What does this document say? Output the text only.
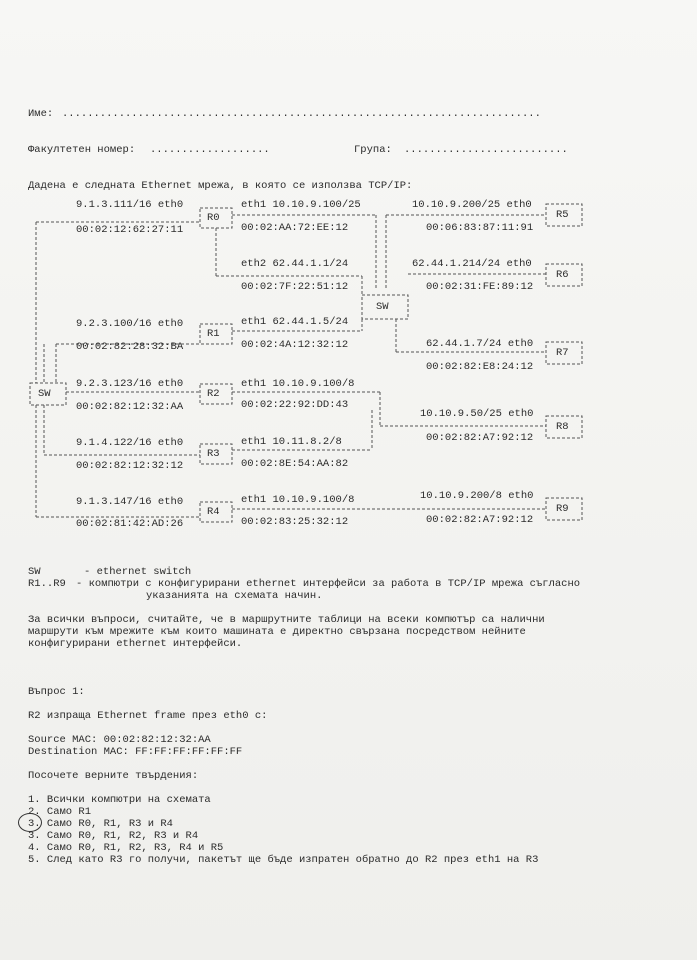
Име: ............................................................................
Факултетен номер: ...................	Група: ..........................
Дадена е следната Ethernet мрежа, в която се използва TCP/IP:
R0
R1
R2
R3
R4
R5
R6
R7
R8
R9
SW
SW
9.1.3.111/16 eth0
00:02:12:62:27:11
9.2.3.100/16 eth0
00:02:82:28:32:BA
9.2.3.123/16 eth0
00:02:82:12:32:AA
9.1.4.122/16 eth0
00:02:82:12:32:12
9.1.3.147/16 eth0
00:02:81:42:AD:26
eth1 10.10.9.100/25
00:02:AA:72:EE:12
eth2 62.44.1.1/24
00:02:7F:22:51:12
eth1 62.44.1.5/24
00:02:4A:12:32:12
eth1 10.10.9.100/8
00:02:22:92:DD:43
eth1 10.11.8.2/8
00:02:8E:54:AA:82
eth1 10.10.9.100/8
00:02:83:25:32:12
10.10.9.200/25 eth0
00:06:83:87:11:91
62.44.1.214/24 eth0
00:02:31:FE:89:12
62.44.1.7/24 eth0
00:02:82:E8:24:12
10.10.9.50/25 eth0
00:02:82:A7:92:12
10.10.9.200/8 eth0
00:02:82:A7:92:12
SW	- ethernet switch
R1..R9 - компютри с конфигурирани ethernet интерфейси за работа в TCP/IP мрежа съгласно
указанията на схемата начин.
За всички въпроси, считайте, че в маршрутните таблици на всеки компютър са налични
маршрути към мрежите към които машината е директно свързана посредством нейните
конфигурирани ethernet интерфейси.
Въпрос 1:
R2 изпраща Ethernet frame през eth0 с:
Source MAC: 00:02:82:12:32:AA
Destination MAC: FF:FF:FF:FF:FF:FF
Посочете верните твърдения:
1. Всички компютри на схемата
2. Само R1
3. Само R0, R1, R3 и R4
3. Само R0, R1, R2, R3 и R4
4. Само R0, R1, R2, R3, R4 и R5
5. След като R3 го получи, пакетът ще бъде изпратен обратно до R2 през eth1 на R3
